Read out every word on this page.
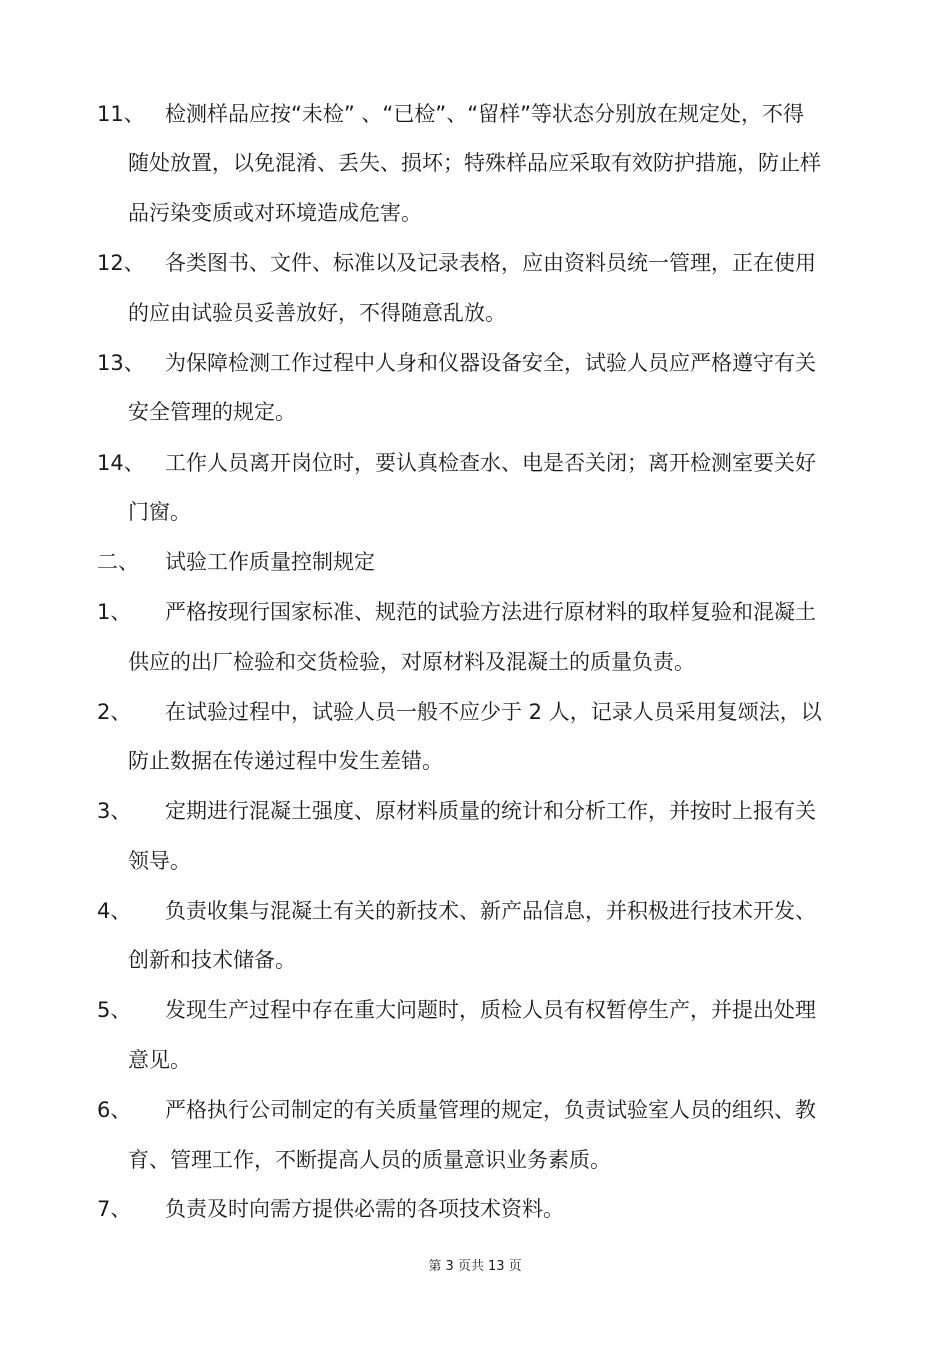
11、 检测样品应按“未检” 、“已检”、“留样”等状态分别放在规定处，不得
随处放置，以免混淆、丢失、损坏；特殊样品应采取有效防护措施，防止样
品污染变质或对环境造成危害。
12、 各类图书、文件、标准以及记录表格，应由资料员统一管理，正在使用
的应由试验员妥善放好，不得随意乱放。
13、 为保障检测工作过程中人身和仪器设备安全，试验人员应严格遵守有关
安全管理的规定。
14、 工作人员离开岗位时，要认真检查水、电是否关闭；离开检测室要关好
门窗。
二、 试验工作质量控制规定
1、 严格按现行国家标准、规范的试验方法进行原材料的取样复验和混凝土
供应的出厂检验和交货检验，对原材料及混凝土的质量负责。
2、 在试验过程中，试验人员一般不应少于 2 人，记录人员采用复颂法，以
防止数据在传递过程中发生差错。
3、 定期进行混凝土强度、原材料质量的统计和分析工作，并按时上报有关
领导。
4、 负责收集与混凝土有关的新技术、新产品信息，并积极进行技术开发、
创新和技术储备。
5、 发现生产过程中存在重大问题时，质检人员有权暂停生产，并提出处理
意见。
6、 严格执行公司制定的有关质量管理的规定，负责试验室人员的组织、教
育、管理工作，不断提高人员的质量意识业务素质。
7、 负责及时向需方提供必需的各项技术资料。
第 3 页共 13 页
